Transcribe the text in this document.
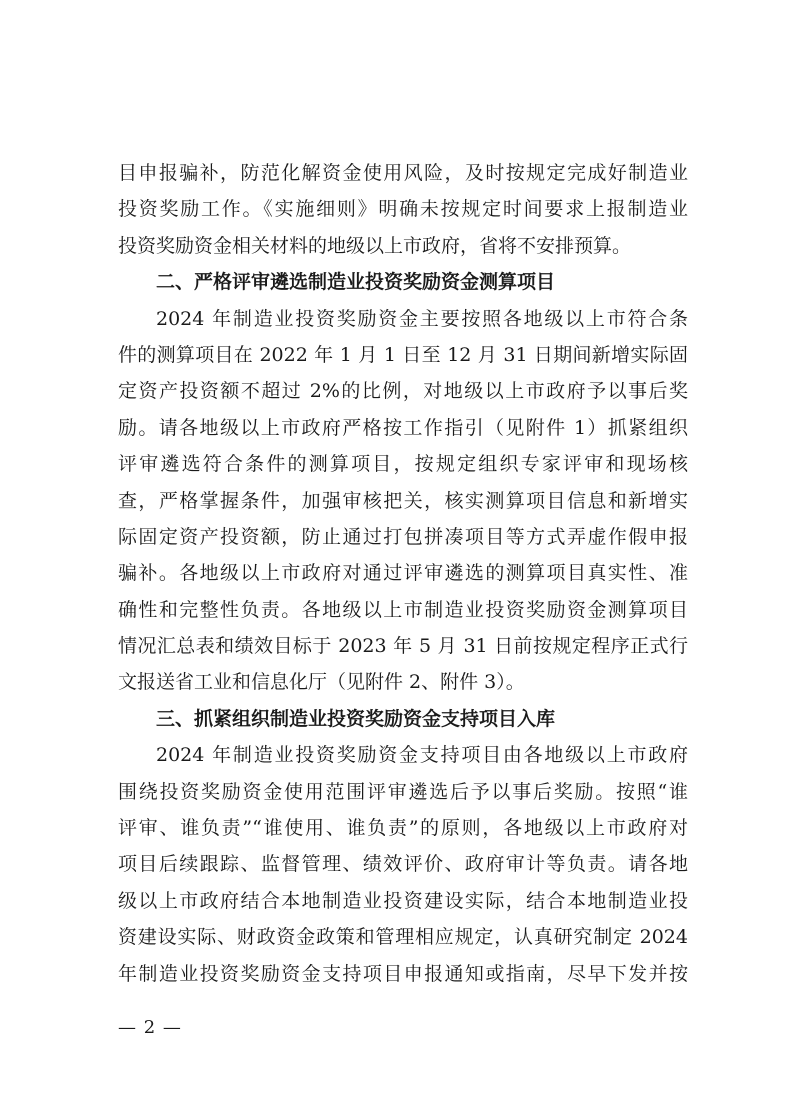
目申报骗补，防范化解资金使用风险，及时按规定完成好制造业
投资奖励工作。《实施细则》明确未按规定时间要求上报制造业
投资奖励资金相关材料的地级以上市政府，省将不安排预算。
二、严格评审遴选制造业投资奖励资金测算项目
2024 年制造业投资奖励资金主要按照各地级以上市符合条
件的测算项目在 2022 年 1 月 1 日至 12 月 31 日期间新增实际固
定资产投资额不超过 2%的比例，对地级以上市政府予以事后奖
励。请各地级以上市政府严格按工作指引（见附件 1）抓紧组织
评审遴选符合条件的测算项目，按规定组织专家评审和现场核
查，严格掌握条件，加强审核把关，核实测算项目信息和新增实
际固定资产投资额，防止通过打包拼凑项目等方式弄虚作假申报
骗补。各地级以上市政府对通过评审遴选的测算项目真实性、准
确性和完整性负责。各地级以上市制造业投资奖励资金测算项目
情况汇总表和绩效目标于 2023 年 5 月 31 日前按规定程序正式行
文报送省工业和信息化厅（见附件 2、附件 3）。
三、抓紧组织制造业投资奖励资金支持项目入库
2024 年制造业投资奖励资金支持项目由各地级以上市政府
围绕投资奖励资金使用范围评审遴选后予以事后奖励。按照“谁
评审、谁负责”“谁使用、谁负责”的原则，各地级以上市政府对
项目后续跟踪、监督管理、绩效评价、政府审计等负责。请各地
级以上市政府结合本地制造业投资建设实际，结合本地制造业投
资建设实际、财政资金政策和管理相应规定，认真研究制定 2024
年制造业投资奖励资金支持项目申报通知或指南，尽早下发并按
— 2 —
